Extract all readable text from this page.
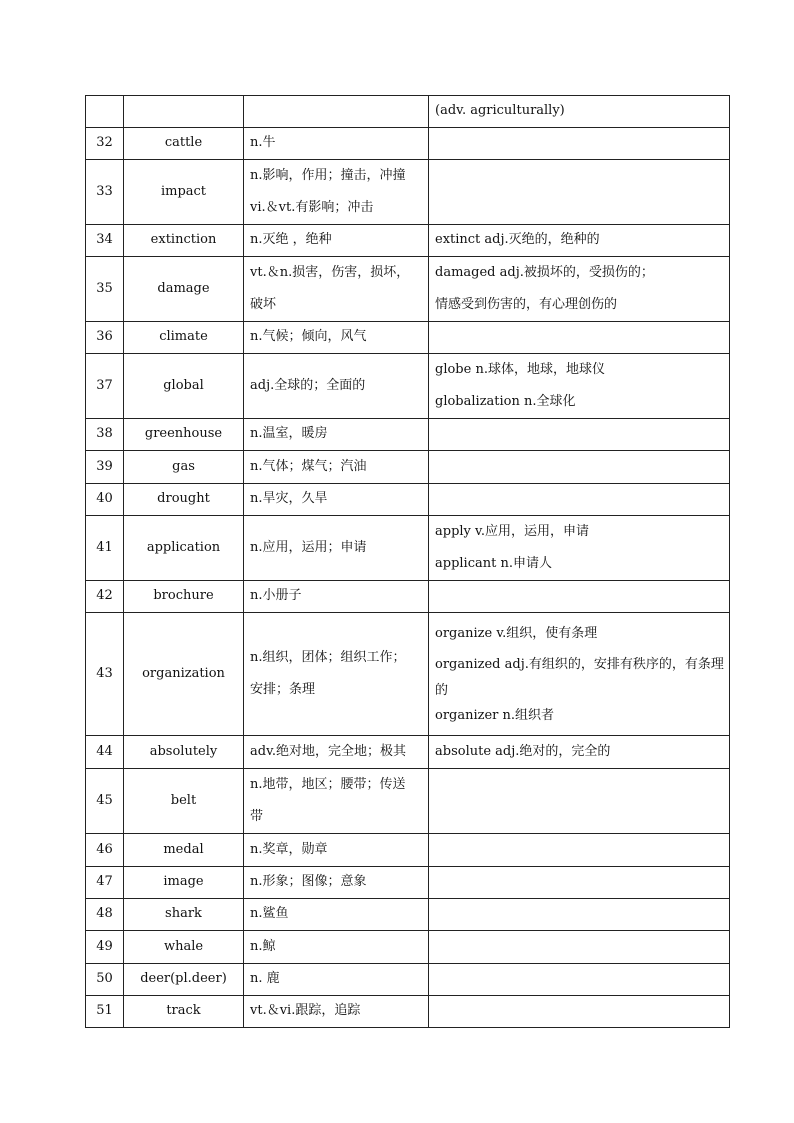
			(adv. agriculturally)

32	cattle	n.牛	

33	impact	n.影响，作用；撞击，冲撞
vi.＆vt.有影响；冲击	

34	extinction	n.灭绝 ，绝种	extinct adj.灭绝的，绝种的

35	damage	vt.＆n.损害，伤害，损坏，
破坏	damaged adj.被损坏的，受损伤的；
情感受到伤害的，有心理创伤的

36	climate	n.气候；倾向，风气	

37	global	adj.全球的；全面的	globe n.球体，地球，地球仪
globalization n.全球化

38	greenhouse	n.温室，暖房	

39	gas	n.气体；煤气；汽油	

40	drought	n.旱灾，久旱	

41	application	n.应用，运用；申请	apply v.应用，运用，申请
applicant n.申请人

42	brochure	n.小册子	

43	organization	n.组织，团体；组织工作；
安排；条理	organize v.组织，使有条理
organized adj.有组织的，安排有秩序的，有条理
的
organizer n.组织者

44	absolutely	adv.绝对地，完全地；极其	absolute adj.绝对的，完全的

45	belt	n.地带，地区；腰带；传送
带	

46	medal	n.奖章，勋章	

47	image	n.形象；图像；意象	

48	shark	n.鲨鱼	

49	whale	n.鲸	

50	deer(pl.deer)	n. 鹿	

51	track	vt.＆vi.跟踪，追踪	
